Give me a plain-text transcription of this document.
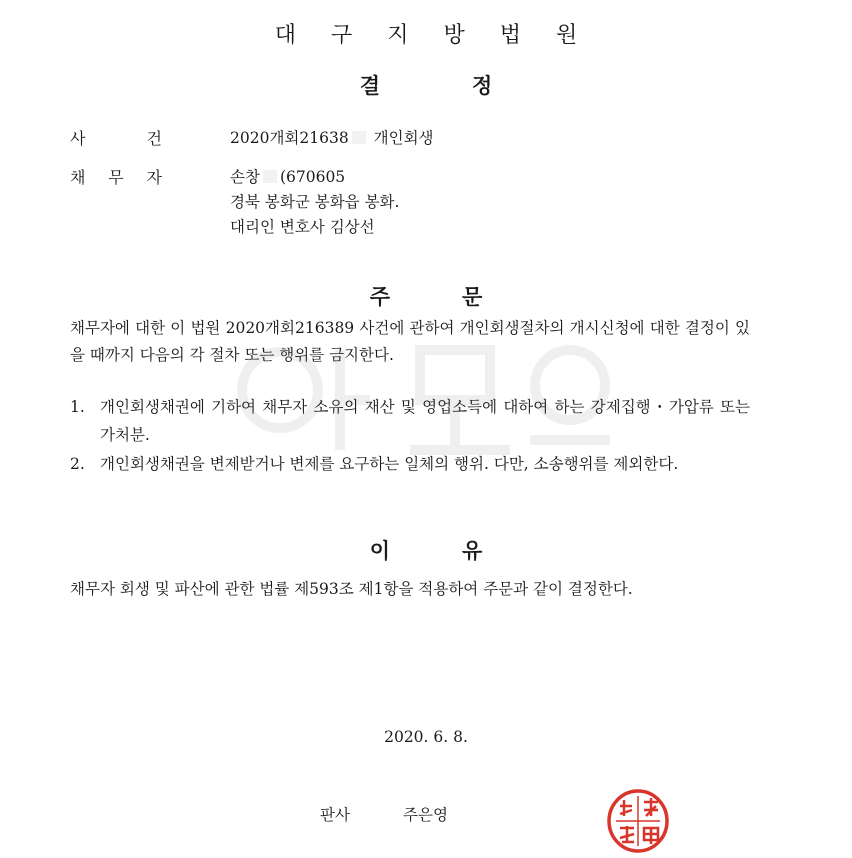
대 구 지 방 법 원
결	정
사	건	2020개회21638 개인회생
채 무 자	손창 (670605
경북 봉화군 봉화읍 봉화.
대리인 변호사 김상선
주	문
채무자에 대한 이 법원 2020개회216389 사건에 관하여 개인회생절차의 개시신청에 대한 결정이 있을 때까지 다음의 각 절차 또는 행위를 금지한다.
1. 개인회생채권에 기하여 채무자 소유의 재산 및 영업소득에 대하여 하는 강제집행・가압류 또는 가처분.
2. 개인회생채권을 변제받거나 변제를 요구하는 일체의 행위. 다만, 소송행위를 제외한다.
이	유
채무자 회생 및 파산에 관한 법률 제593조 제1항을 적용하여 주문과 같이 결정한다.
2020. 6. 8.
판사	주은영
